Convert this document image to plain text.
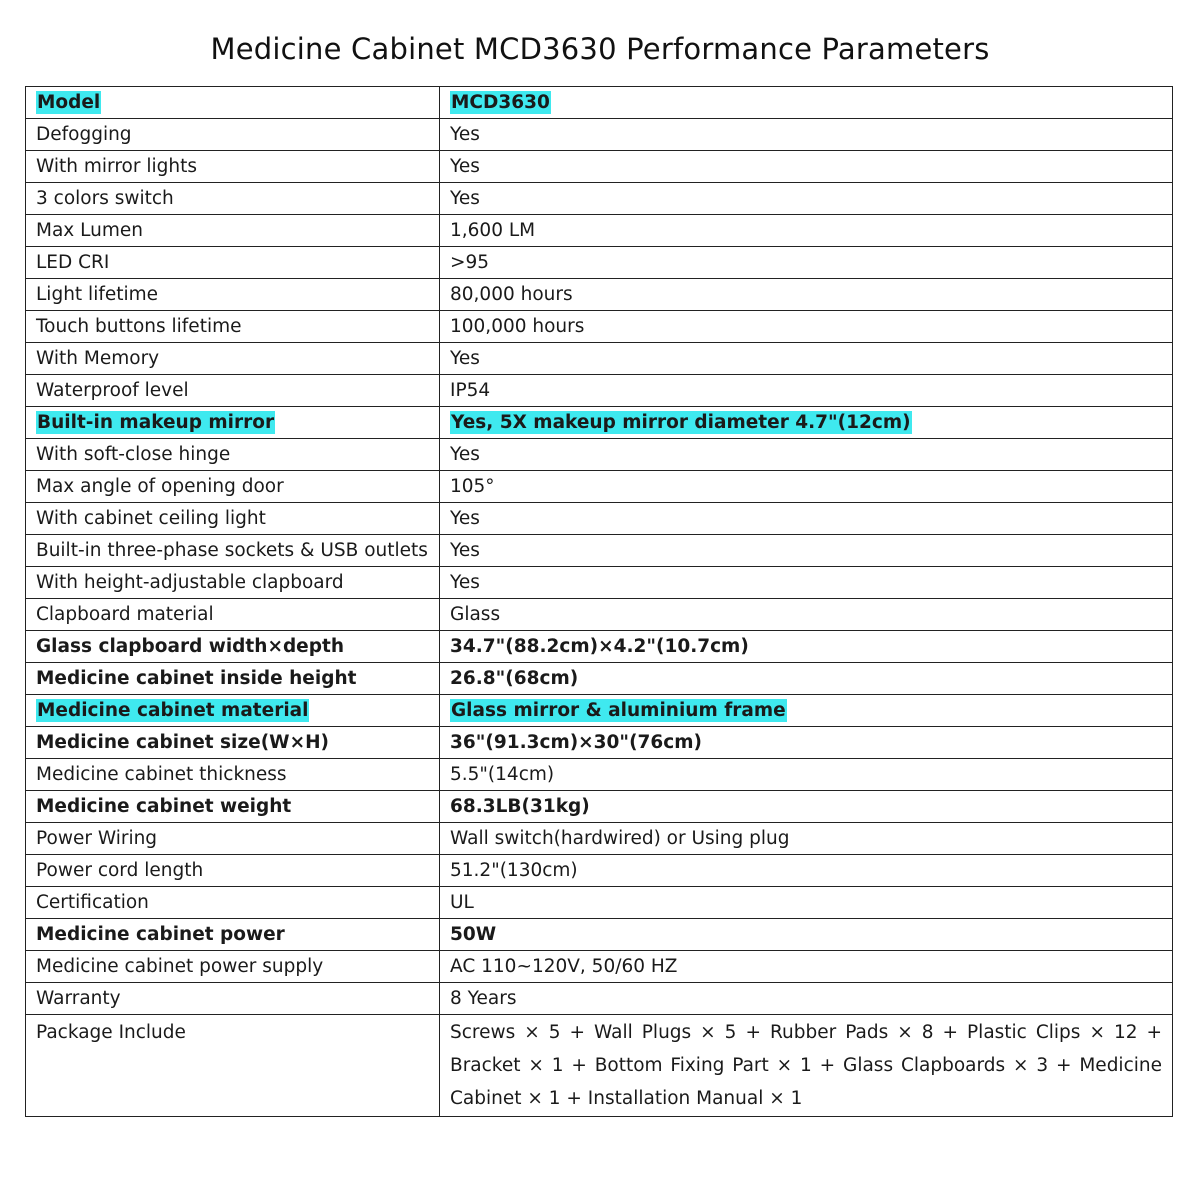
Medicine Cabinet MCD3630 Performance Parameters
Model	MCD3630
Defogging	Yes
With mirror lights	Yes
3 colors switch	Yes
Max Lumen	1,600 LM
LED CRI	>95
Light lifetime	80,000 hours
Touch buttons lifetime	100,000 hours
With Memory	Yes
Waterproof level	IP54
Built-in makeup mirror	Yes, 5X makeup mirror diameter 4.7"(12cm)
With soft-close hinge	Yes
Max angle of opening door	105°
With cabinet ceiling light	Yes
Built-in three-phase sockets & USB outlets	Yes
With height-adjustable clapboard	Yes
Clapboard material	Glass
Glass clapboard width×depth	34.7"(88.2cm)×4.2"(10.7cm)
Medicine cabinet inside height	26.8"(68cm)
Medicine cabinet material	Glass mirror & aluminium frame
Medicine cabinet size(W×H)	36"(91.3cm)×30"(76cm)
Medicine cabinet thickness	5.5"(14cm)
Medicine cabinet weight	68.3LB(31kg)
Power Wiring	Wall switch(hardwired) or Using plug
Power cord length	51.2"(130cm)
Certification	UL
Medicine cabinet power	50W
Medicine cabinet power supply	AC 110~120V, 50/60 HZ
Warranty	8 Years
Package Include	Screws × 5 + Wall Plugs × 5 + Rubber Pads × 8 + Plastic Clips × 12 + Bracket × 1 + Bottom Fixing Part × 1 + Glass Clapboards × 3 + Medicine Cabinet × 1 + Installation Manual × 1
